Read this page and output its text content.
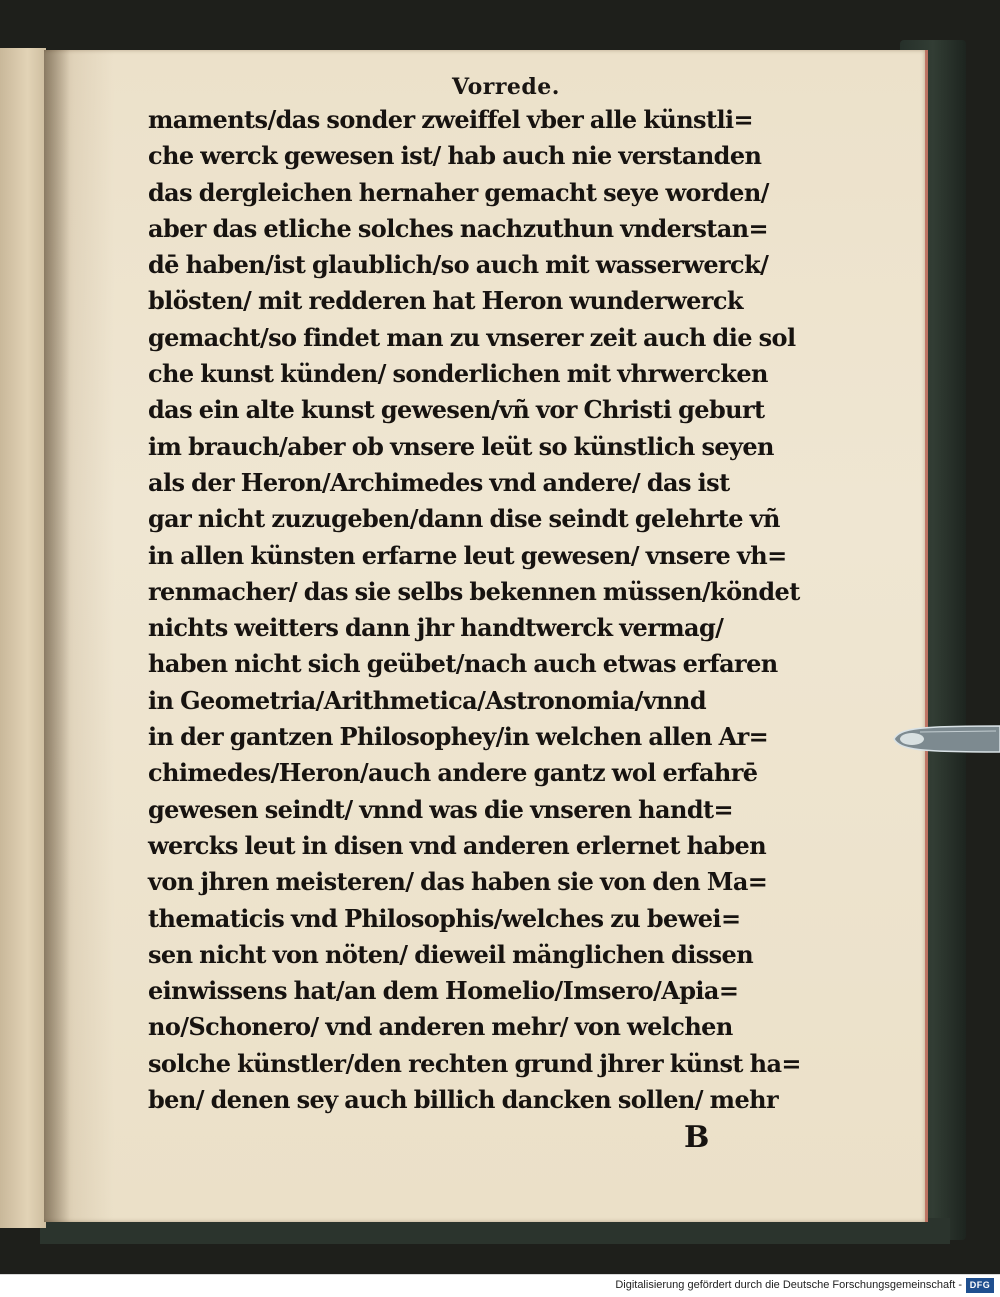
Vorrede.
maments/das sonder zweiffel vber alle künstli=
che werck gewesen ist/ hab auch nie verstanden
das dergleichen hernaher gemacht seye worden/
aber das etliche solches nachzuthun vnderstan=
dē haben/ist glaublich/so auch mit wasserwerck/
blösten/ mit redderen hat Heron wunderwerck
gemacht/so findet man zu vnserer zeit auch die sol
che kunst künden/ sonderlichen mit vhrwercken
das ein alte kunst gewesen/vñ vor Christi geburt
im brauch/aber ob vnsere leüt so künstlich seyen
als der Heron/Archimedes vnd andere/ das ist
gar nicht zuzugeben/dann dise seindt gelehrte vñ
in allen künsten erfarne leut gewesen/ vnsere vh=
renmacher/ das sie selbs bekennen müssen/köndet
nichts weitters dann jhr handtwerck vermag/
haben nicht sich geübet/nach auch etwas erfaren
in Geometria/Arithmetica/Astronomia/vnnd
in der gantzen Philosophey/in welchen allen Ar=
chimedes/Heron/auch andere gantz wol erfahrē
gewesen seindt/ vnnd was die vnseren handt=
wercks leut in disen vnd anderen erlernet haben
von jhren meisteren/ das haben sie von den Ma=
thematicis vnd Philosophis/welches zu bewei=
sen nicht von nöten/ dieweil mänglichen dissen
einwissens hat/an dem Homelio/Imsero/Apia=
no/Schonero/ vnd anderen mehr/ von welchen
solche künstler/den rechten grund jhrer künst ha=
ben/ denen sey auch billich dancken sollen/ mehr
B
Digitalisierung gefördert durch die Deutsche Forschungsgemeinschaft - DFG
